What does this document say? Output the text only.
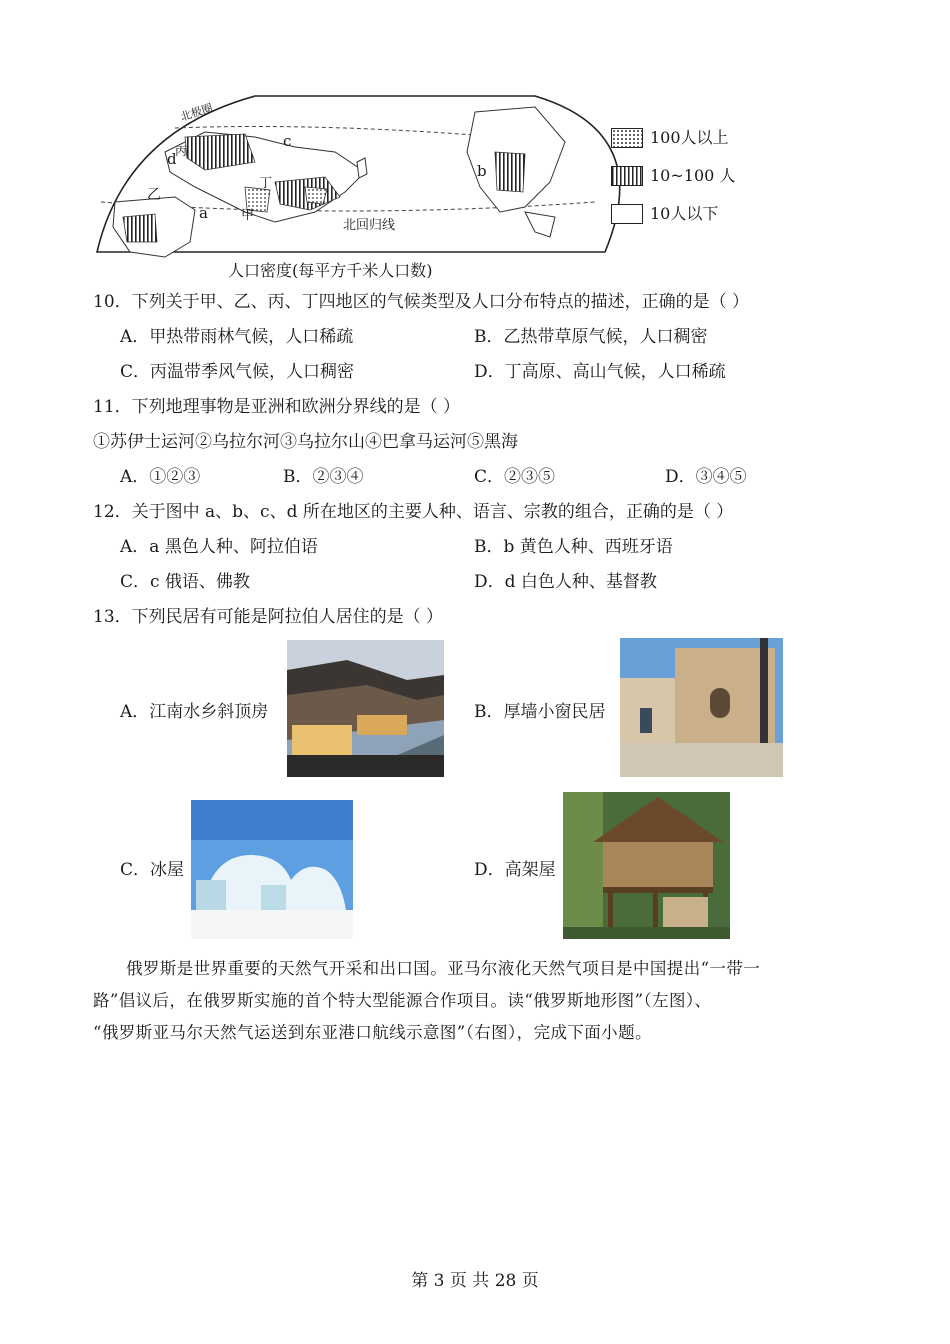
北极圈
北回归线
c
b
a
d
丙
乙
甲
丁
100人以上
10~100 人
10人以下
人口密度(每平方千米人口数)
10．下列关于甲、乙、丙、丁四地区的气候类型及人口分布特点的描述，正确的是（ ）
A．甲热带雨林气候，人口稀疏	B．乙热带草原气候，人口稠密
C．丙温带季风气候，人口稠密	D．丁高原、高山气候，人口稀疏
11．下列地理事物是亚洲和欧洲分界线的是（ ）
①苏伊士运河②乌拉尔河③乌拉尔山④巴拿马运河⑤黑海
A．①②③	B．②③④	C．②③⑤	D．③④⑤
12．关于图中 a、b、c、d 所在地区的主要人种、语言、宗教的组合，正确的是（ ）
A．a 黑色人种、阿拉伯语	B．b 黄色人种、西班牙语
C．c 俄语、佛教	D．d 白色人种、基督教
13．下列民居有可能是阿拉伯人居住的是（ ）
A．江南水乡斜顶房	B．厚墙小窗民居
C．冰屋	D．高架屋
俄罗斯是世界重要的天然气开采和出口国。亚马尔液化天然气项目是中国提出“一带一
路”倡议后，在俄罗斯实施的首个特大型能源合作项目。读“俄罗斯地形图”（左图）、
“俄罗斯亚马尔天然气运送到东亚港口航线示意图”（右图），完成下面小题。
第 3 页 共 28 页
